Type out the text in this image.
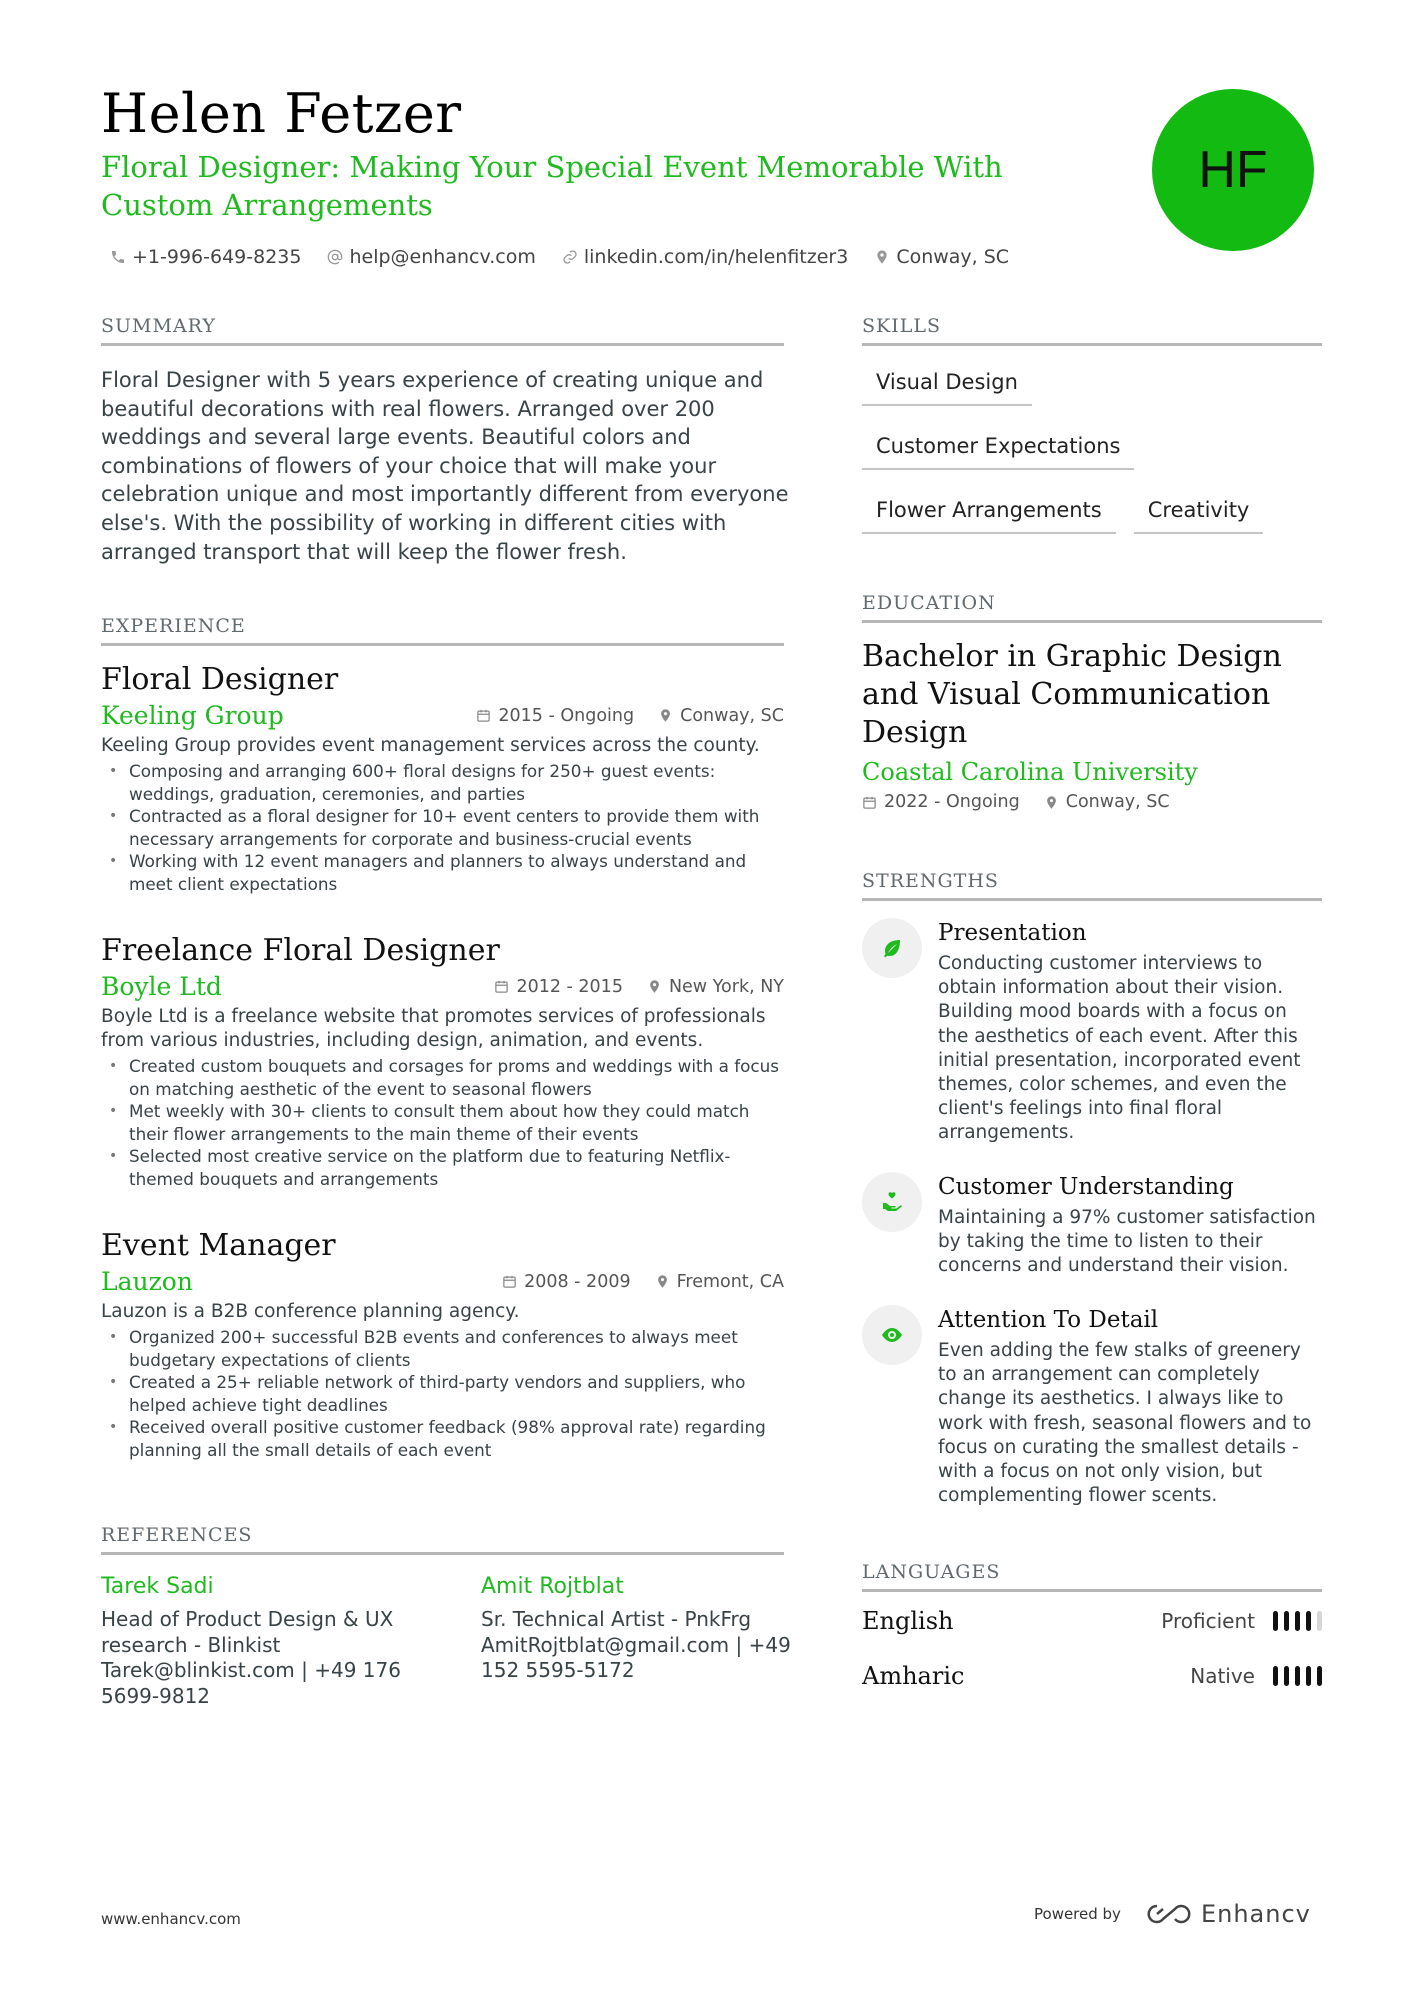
Helen Fetzer
Floral Designer: Making Your Special Event Memorable With Custom Arrangements
HF
+1-996-649-8235	help@enhancv.com	linkedin.com/in/helenfitzer3	Conway, SC
SUMMARY

Floral Designer with 5 years experience of creating unique and beautiful decorations with real flowers. Arranged over 200 weddings and several large events. Beautiful colors and combinations of flowers of your choice that will make your celebration unique and most importantly different from everyone else's. With the possibility of working in different cities with arranged transport that will keep the flower fresh.

EXPERIENCE
Floral Designer
Keeling Group	2015 - Ongoing	Conway, SC

Keeling Group provides event management services across the county.

• Composing and arranging 600+ floral designs for 250+ guest events: weddings, graduation, ceremonies, and parties
• Contracted as a floral designer for 10+ event centers to provide them with necessary arrangements for corporate and business-crucial events
• Working with 12 event managers and planners to always understand and meet client expectations
Freelance Floral Designer
Boyle Ltd	2012 - 2015	New York, NY

Boyle Ltd is a freelance website that promotes services of professionals from various industries, including design, animation, and events.

• Created custom bouquets and corsages for proms and weddings with a focus on matching aesthetic of the event to seasonal flowers
• Met weekly with 30+ clients to consult them about how they could match their flower arrangements to the main theme of their events
• Selected most creative service on the platform due to featuring Netflix-themed bouquets and arrangements
Event Manager
Lauzon	2008 - 2009	Fremont, CA

Lauzon is a B2B conference planning agency.

• Organized 200+ successful B2B events and conferences to always meet budgetary expectations of clients
• Created a 25+ reliable network of third-party vendors and suppliers, who helped achieve tight deadlines
• Received overall positive customer feedback (98% approval rate) regarding planning all the small details of each event
REFERENCES
Tarek Sadi
Head of Product Design & UX research - Blinkist
Tarek@blinkist.com | +49 176 5699-9812
Amit Rojtblat
Sr. Technical Artist - PnkFrg
AmitRojtblat@gmail.com | +49 152 5595-5172
SKILLS
Visual Design
Customer Expectations
Flower Arrangements	Creativity
EDUCATION
Bachelor in Graphic Design and Visual Communication Design
Coastal Carolina University
2022 - Ongoing	Conway, SC
STRENGTHS
Presentation
Conducting customer interviews to obtain information about their vision. Building mood boards with a focus on the aesthetics of each event. After this initial presentation, incorporated event themes, color schemes, and even the client's feelings into final floral arrangements.
Customer Understanding
Maintaining a 97% customer satisfaction by taking the time to listen to their concerns and understand their vision.
Attention To Detail
Even adding the few stalks of greenery to an arrangement can completely change its aesthetics. I always like to work with fresh, seasonal flowers and to focus on curating the smallest details - with a focus on not only vision, but complementing flower scents.
LANGUAGES
English	Proficient
Amharic	Native
www.enhancv.com	Powered by	Enhancv
